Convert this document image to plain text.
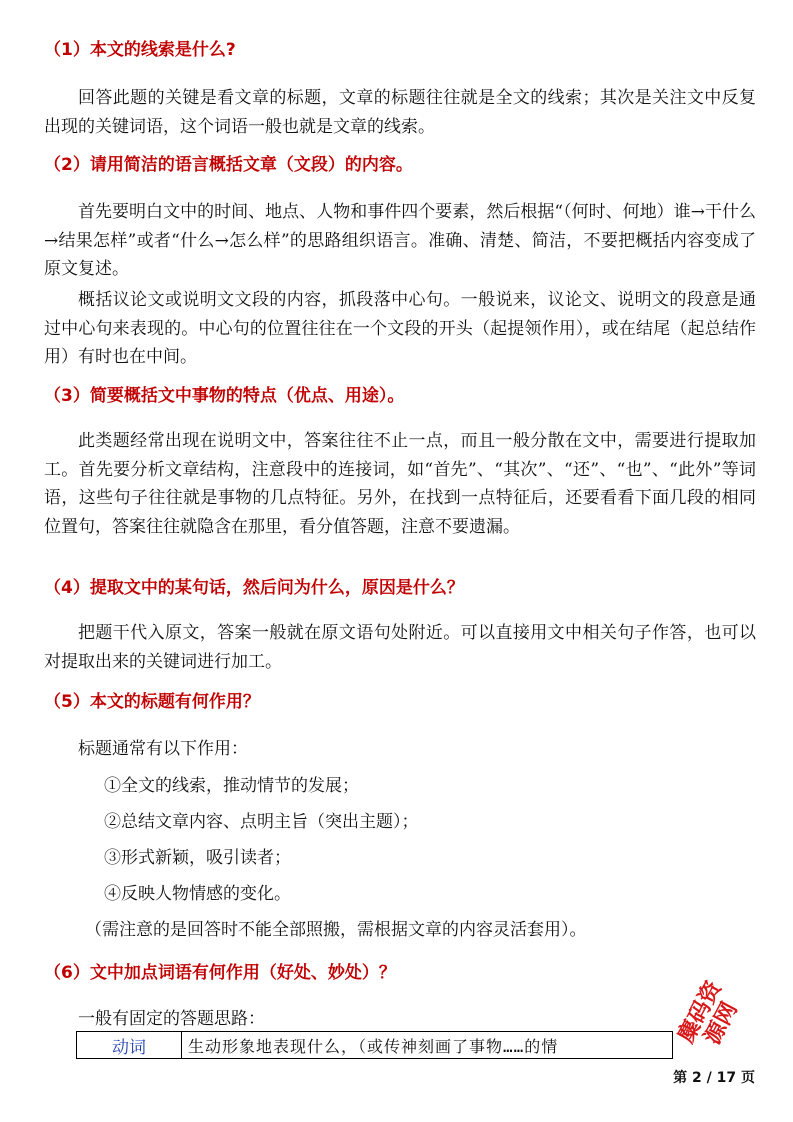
（1）本文的线索是什么?
回答此题的关键是看文章的标题，文章的标题往往就是全文的线索；其次是关注文中反复出现的关键词语，这个词语一般也就是文章的线索。
（2）请用简洁的语言概括文章（文段）的内容。
首先要明白文中的时间、地点、人物和事件四个要素，然后根据“（何时、何地）谁→干什么→结果怎样”或者“什么→怎么样”的思路组织语言。准确、清楚、简洁，不要把概括内容变成了原文复述。
概括议论文或说明文文段的内容，抓段落中心句。一般说来，议论文、说明文的段意是通过中心句来表现的。中心句的位置往往在一个文段的开头（起提领作用），或在结尾（起总结作用）有时也在中间。
（3）简要概括文中事物的特点（优点、用途）。
此类题经常出现在说明文中，答案往往不止一点，而且一般分散在文中，需要进行提取加工。首先要分析文章结构，注意段中的连接词，如“首先”、“其次”、“还”、“也”、“此外”等词语，这些句子往往就是事物的几点特征。另外，在找到一点特征后，还要看看下面几段的相同位置句，答案往往就隐含在那里，看分值答题，注意不要遗漏。
（4）提取文中的某句话，然后问为什么，原因是什么？
把题干代入原文，答案一般就在原文语句处附近。可以直接用文中相关句子作答，也可以对提取出来的关键词进行加工。
（5）本文的标题有何作用？
标题通常有以下作用：
①全文的线索，推动情节的发展；
②总结文章内容、点明主旨（突出主题）；
③形式新颖，吸引读者；
④反映人物情感的变化。
（需注意的是回答时不能全部照搬，需根据文章的内容灵活套用）。
（6）文中加点词语有何作用（好处、妙处）？
一般有固定的答题思路：
动词	生动形象地表现什么，（或传神刻画了事物……的情
第 2 / 17 页
麋码资源网
